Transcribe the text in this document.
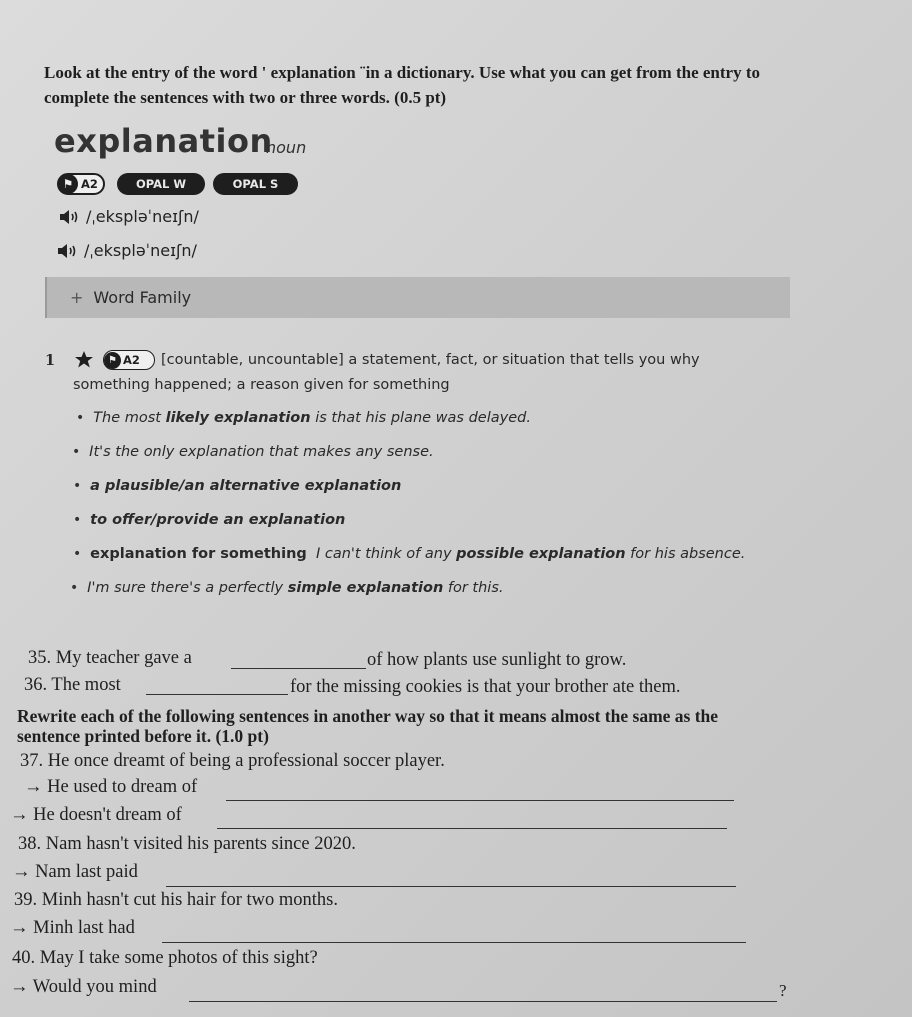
Look at the entry of the word ' explanation ¨in a dictionary. Use what you can get from the entry to
complete the sentences with two or three words. (0.5 pt)
explanation
noun
⚑ A2	OPAL W	OPAL S
/ˌekspləˈneɪʃn/
/ˌekspləˈneɪʃn/
+ Word Family
1	⚑ A2 [countable, uncountable] a statement, fact, or situation that tells you why
something happened; a reason given for something
•  The most likely explanation is that his plane was delayed.
•  It's the only explanation that makes any sense.
•  a plausible/an alternative explanation
•  to offer/provide an explanation
•  explanation for something I can't think of any possible explanation for his absence.
•  I'm sure there's a perfectly simple explanation for this.
35. My teacher gave a	of how plants use sunlight to grow.
36. The most	for the missing cookies is that your brother ate them.
Rewrite each of the following sentences in another way so that it means almost the same as the
sentence printed before it. (1.0 pt)
37. He once dreamt of being a professional soccer player.
→ He used to dream of
→ He doesn't dream of
38. Nam hasn't visited his parents since 2020.
→ Nam last paid
39. Minh hasn't cut his hair for two months.
→ Minh last had
40. May I take some photos of this sight?
→ Would you mind	?
